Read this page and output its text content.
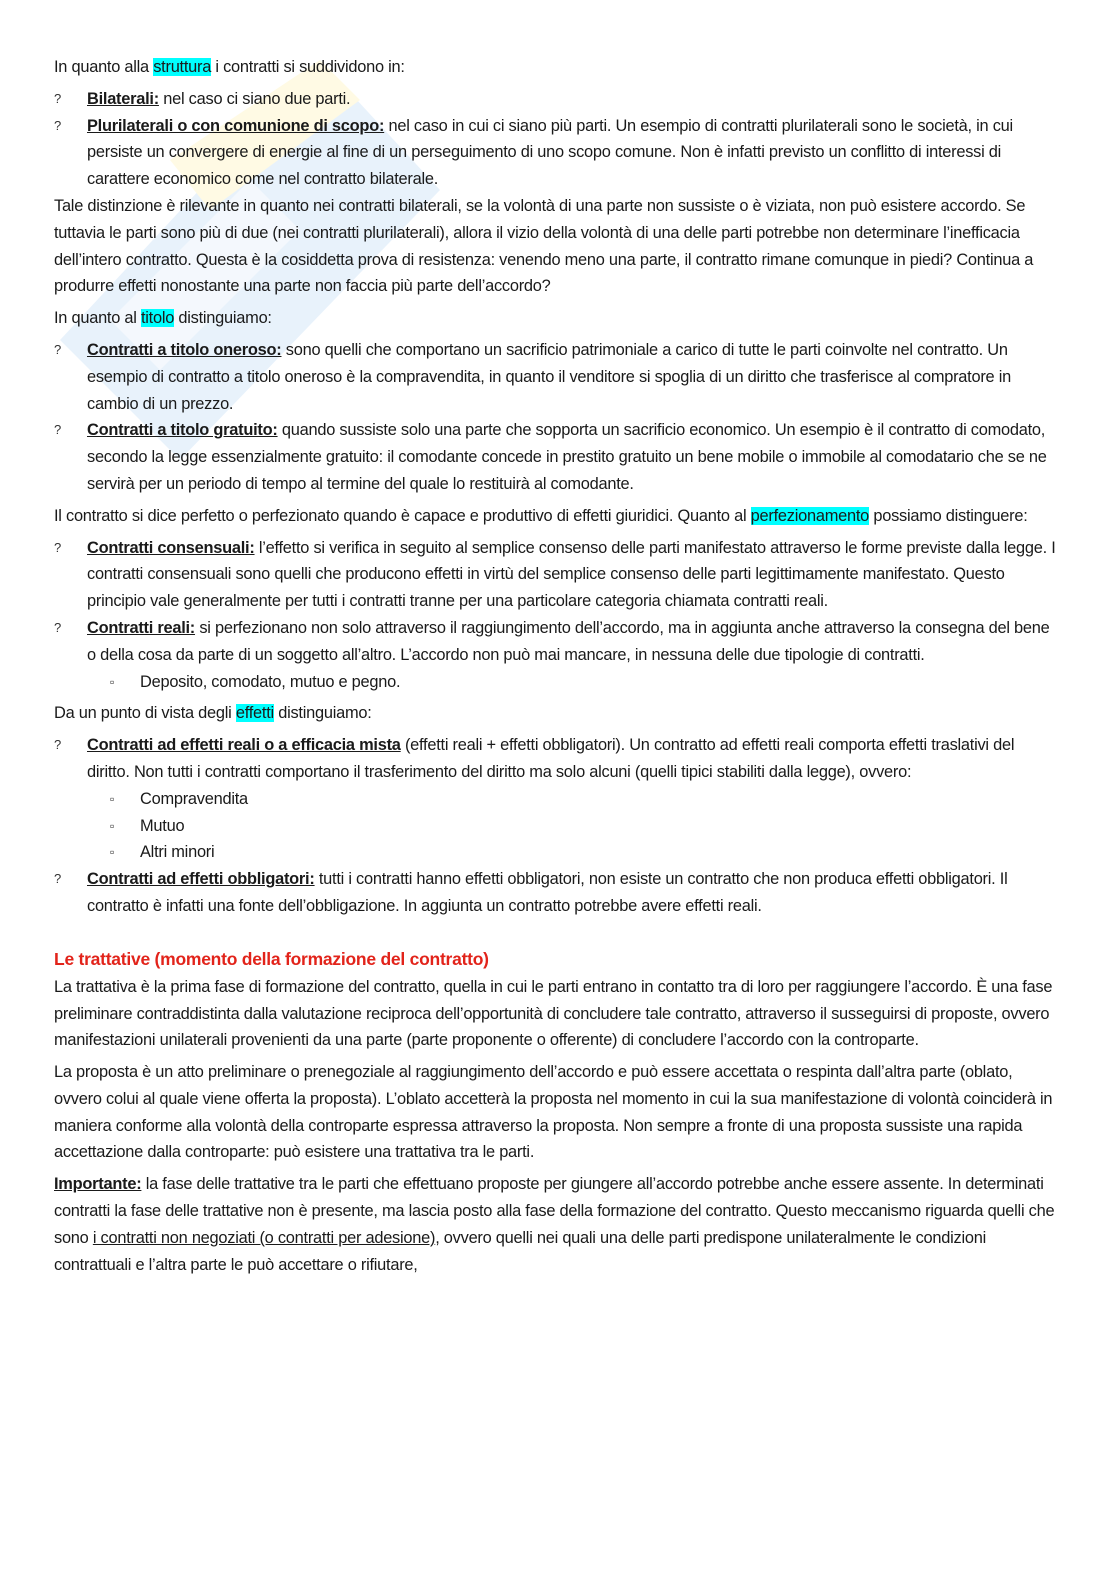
In quanto alla struttura i contratti si suddividono in:
? Bilaterali: nel caso ci siano due parti.
? Plurilaterali o con comunione di scopo: nel caso in cui ci siano più parti. Un esempio di contratti plurilaterali sono le società, in cui persiste un convergere di energie al fine di un perseguimento di uno scopo comune. Non è infatti previsto un conflitto di interessi di carattere economico come nel contratto bilaterale.
Tale distinzione è rilevante in quanto nei contratti bilaterali, se la volontà di una parte non sussiste o è viziata, non può esistere accordo. Se tuttavia le parti sono più di due (nei contratti plurilaterali), allora il vizio della volontà di una delle parti potrebbe non determinare l’inefficacia dell’intero contratto. Questa è la cosiddetta prova di resistenza: venendo meno una parte, il contratto rimane comunque in piedi? Continua a produrre effetti nonostante una parte non faccia più parte dell’accordo?
In quanto al titolo distinguiamo:
? Contratti a titolo oneroso: sono quelli che comportano un sacrificio patrimoniale a carico di tutte le parti coinvolte nel contratto. Un esempio di contratto a titolo oneroso è la compravendita, in quanto il venditore si spoglia di un diritto che trasferisce al compratore in cambio di un prezzo.
? Contratti a titolo gratuito: quando sussiste solo una parte che sopporta un sacrificio economico. Un esempio è il contratto di comodato, secondo la legge essenzialmente gratuito: il comodante concede in prestito gratuito un bene mobile o immobile al comodatario che se ne servirà per un periodo di tempo al termine del quale lo restituirà al comodante.
Il contratto si dice perfetto o perfezionato quando è capace e produttivo di effetti giuridici. Quanto al perfezionamento possiamo distinguere:
? Contratti consensuali: l’effetto si verifica in seguito al semplice consenso delle parti manifestato attraverso le forme previste dalla legge. I contratti consensuali sono quelli che producono effetti in virtù del semplice consenso delle parti legittimamente manifestato. Questo principio vale generalmente per tutti i contratti tranne per una particolare categoria chiamata contratti reali.
? Contratti reali: si perfezionano non solo attraverso il raggiungimento dell’accordo, ma in aggiunta anche attraverso la consegna del bene o della cosa da parte di un soggetto all’altro. L’accordo non può mai mancare, in nessuna delle due tipologie di contratti.
▫ Deposito, comodato, mutuo e pegno.
Da un punto di vista degli effetti distinguiamo:
? Contratti ad effetti reali o a efficacia mista (effetti reali + effetti obbligatori). Un contratto ad effetti reali comporta effetti traslativi del diritto. Non tutti i contratti comportano il trasferimento del diritto ma solo alcuni (quelli tipici stabiliti dalla legge), ovvero:
▫ Compravendita
▫ Mutuo
▫ Altri minori
? Contratti ad effetti obbligatori: tutti i contratti hanno effetti obbligatori, non esiste un contratto che non produca effetti obbligatori. Il contratto è infatti una fonte dell’obbligazione. In aggiunta un contratto potrebbe avere effetti reali.
Le trattative (momento della formazione del contratto)
La trattativa è la prima fase di formazione del contratto, quella in cui le parti entrano in contatto tra di loro per raggiungere l’accordo. È una fase preliminare contraddistinta dalla valutazione reciproca dell’opportunità di concludere tale contratto, attraverso il susseguirsi di proposte, ovvero manifestazioni unilaterali provenienti da una parte (parte proponente o offerente) di concludere l’accordo con la controparte.
La proposta è un atto preliminare o prenegoziale al raggiungimento dell’accordo e può essere accettata o respinta dall’altra parte (oblato, ovvero colui al quale viene offerta la proposta). L’oblato accetterà la proposta nel momento in cui la sua manifestazione di volontà coinciderà in maniera conforme alla volontà della controparte espressa attraverso la proposta. Non sempre a fronte di una proposta sussiste una rapida accettazione dalla controparte: può esistere una trattativa tra le parti.
Importante: la fase delle trattative tra le parti che effettuano proposte per giungere all’accordo potrebbe anche essere assente. In determinati contratti la fase delle trattative non è presente, ma lascia posto alla fase della formazione del contratto. Questo meccanismo riguarda quelli che sono i contratti non negoziati (o contratti per adesione), ovvero quelli nei quali una delle parti predispone unilateralmente le condizioni contrattuali e l’altra parte le può accettare o rifiutare,
